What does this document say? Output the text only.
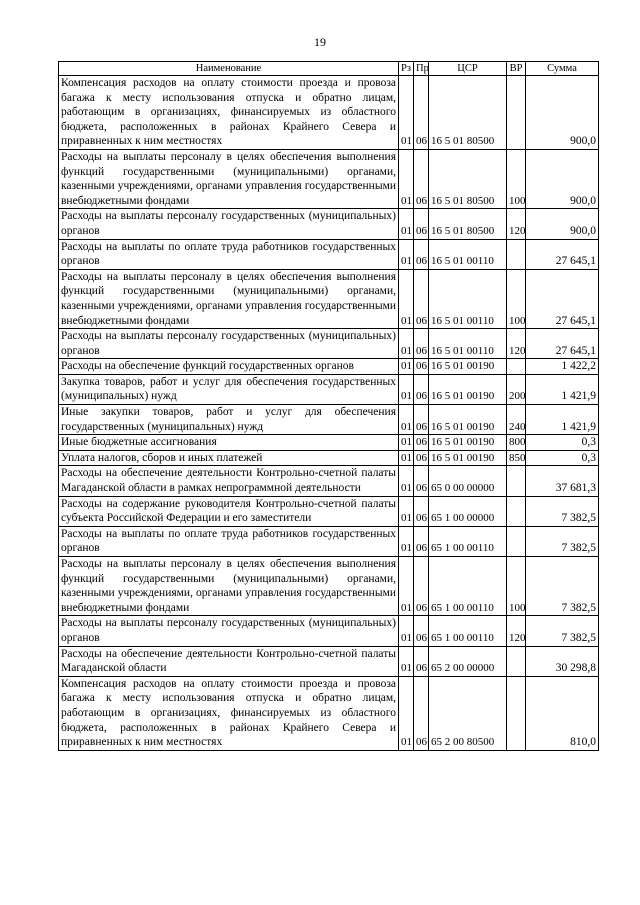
19
Наименование	Рз	Пр	ЦСР	ВР	Сумма
Компенсация расходов на оплату стоимости проезда и провоза багажа к месту использования отпуска и обратно лицам, работающим в организациях, финансируемых из областного бюджета, расположенных в районах Крайнего Севера и приравненных к ним местностях	01	06	16 5 01 80500		900,0
Расходы на выплаты персоналу в целях обеспечения выполнения функций государственными (муниципальными) органами, казенными учреждениями, органами управления государственными внебюджетными фондами	01	06	16 5 01 80500	100	900,0
Расходы на выплаты персоналу государственных (муниципальных) органов	01	06	16 5 01 80500	120	900,0
Расходы на выплаты по оплате труда работников государственных органов	01	06	16 5 01 00110		27 645,1
Расходы на выплаты персоналу в целях обеспечения выполнения функций государственными (муниципальными) органами, казенными учреждениями, органами управления государственными внебюджетными фондами	01	06	16 5 01 00110	100	27 645,1
Расходы на выплаты персоналу государственных (муниципальных) органов	01	06	16 5 01 00110	120	27 645,1
Расходы на обеспечение функций государственных органов	01	06	16 5 01 00190		1 422,2
Закупка товаров, работ и услуг для обеспечения государственных (муниципальных) нужд	01	06	16 5 01 00190	200	1 421,9
Иные закупки товаров, работ и услуг для обеспечения государственных (муниципальных) нужд	01	06	16 5 01 00190	240	1 421,9
Иные бюджетные ассигнования	01	06	16 5 01 00190	800	0,3
Уплата налогов, сборов и иных платежей	01	06	16 5 01 00190	850	0,3
Расходы на обеспечение деятельности Контрольно-счетной палаты Магаданской области в рамках непрограммной деятельности	01	06	65 0 00 00000		37 681,3
Расходы на содержание руководителя Контрольно-счетной палаты субъекта Российской Федерации и его заместители	01	06	65 1 00 00000		7 382,5
Расходы на выплаты по оплате труда работников государственных органов	01	06	65 1 00 00110		7 382,5
Расходы на выплаты персоналу в целях обеспечения выполнения функций государственными (муниципальными) органами, казенными учреждениями, органами управления государственными внебюджетными фондами	01	06	65 1 00 00110	100	7 382,5
Расходы на выплаты персоналу государственных (муниципальных) органов	01	06	65 1 00 00110	120	7 382,5
Расходы на обеспечение деятельности Контрольно-счетной палаты Магаданской области	01	06	65 2 00 00000		30 298,8
Компенсация расходов на оплату стоимости проезда и провоза багажа к месту использования отпуска и обратно лицам, работающим в организациях, финансируемых из областного бюджета, расположенных в районах Крайнего Севера и приравненных к ним местностях	01	06	65 2 00 80500		810,0
